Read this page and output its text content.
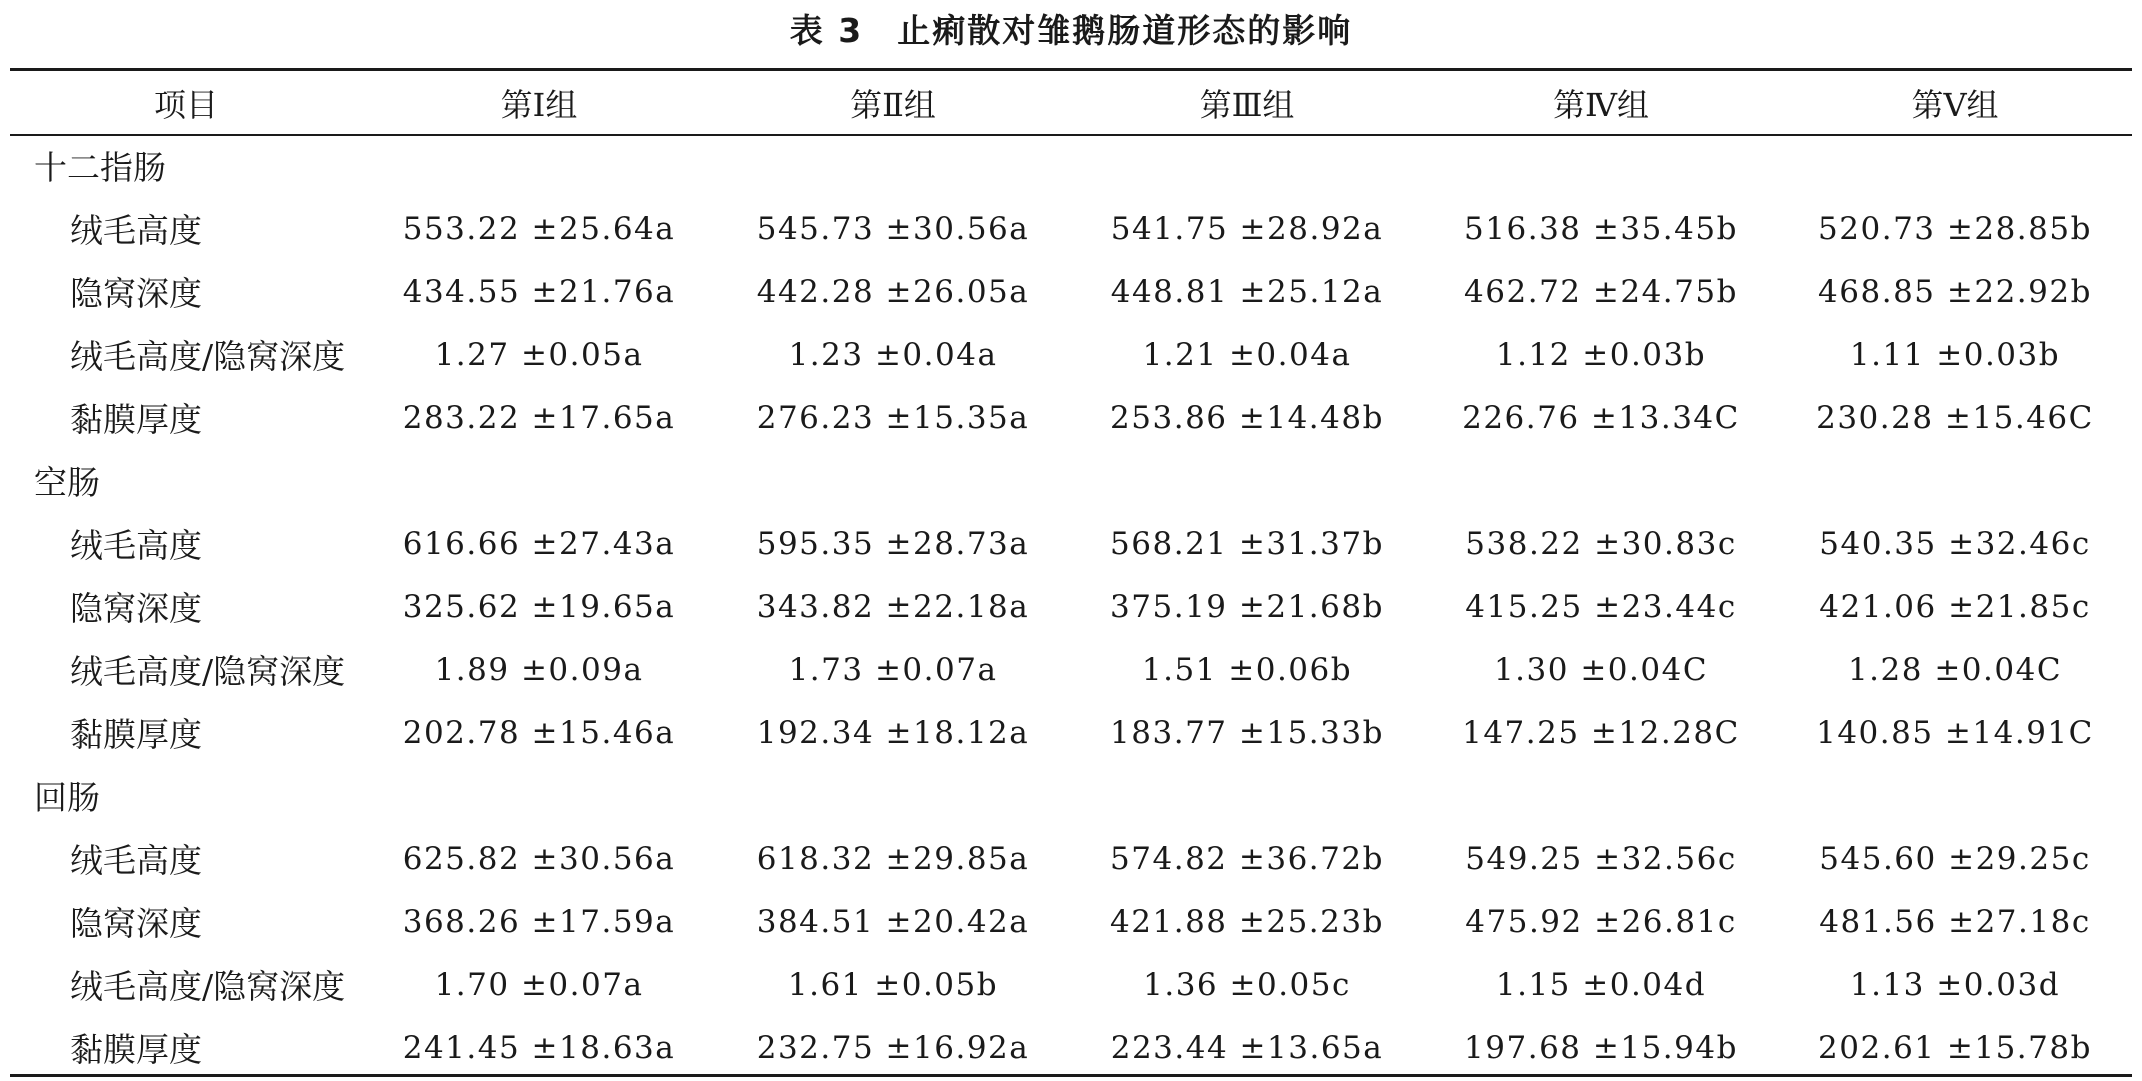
表 3 止痢散对雏鹅肠道形态的影响
项目	第Ⅰ组	第Ⅱ组	第Ⅲ组	第Ⅳ组	第Ⅴ组
十二指肠					
绒毛高度	553.22 ±25.64a	545.73 ±30.56a	541.75 ±28.92a	516.38 ±35.45b	520.73 ±28.85b
隐窝深度	434.55 ±21.76a	442.28 ±26.05a	448.81 ±25.12a	462.72 ±24.75b	468.85 ±22.92b
绒毛高度/隐窝深度	1.27 ±0.05a	1.23 ±0.04a	1.21 ±0.04a	1.12 ±0.03b	1.11 ±0.03b
黏膜厚度	283.22 ±17.65a	276.23 ±15.35a	253.86 ±14.48b	226.76 ±13.34C	230.28 ±15.46C
空肠					
绒毛高度	616.66 ±27.43a	595.35 ±28.73a	568.21 ±31.37b	538.22 ±30.83c	540.35 ±32.46c
隐窝深度	325.62 ±19.65a	343.82 ±22.18a	375.19 ±21.68b	415.25 ±23.44c	421.06 ±21.85c
绒毛高度/隐窝深度	1.89 ±0.09a	1.73 ±0.07a	1.51 ±0.06b	1.30 ±0.04C	1.28 ±0.04C
黏膜厚度	202.78 ±15.46a	192.34 ±18.12a	183.77 ±15.33b	147.25 ±12.28C	140.85 ±14.91C
回肠					
绒毛高度	625.82 ±30.56a	618.32 ±29.85a	574.82 ±36.72b	549.25 ±32.56c	545.60 ±29.25c
隐窝深度	368.26 ±17.59a	384.51 ±20.42a	421.88 ±25.23b	475.92 ±26.81c	481.56 ±27.18c
绒毛高度/隐窝深度	1.70 ±0.07a	1.61 ±0.05b	1.36 ±0.05c	1.15 ±0.04d	1.13 ±0.03d
黏膜厚度	241.45 ±18.63a	232.75 ±16.92a	223.44 ±13.65a	197.68 ±15.94b	202.61 ±15.78b
